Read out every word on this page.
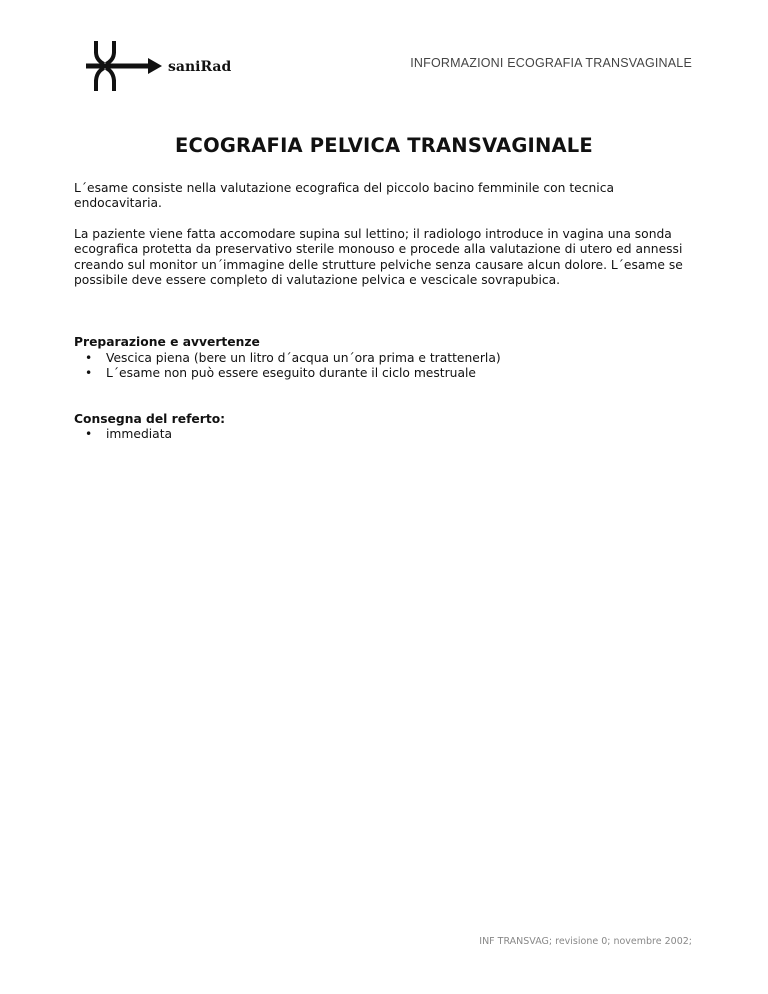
saniRad	INFORMAZIONI ECOGRAFIA TRANSVAGINALE
ECOGRAFIA PELVICA TRANSVAGINALE

L´esame consiste nella valutazione ecografica del piccolo bacino femminile con tecnica endocavitaria.

La paziente viene fatta accomodare supina sul lettino; il radiologo introduce in vagina una sonda ecografica protetta da preservativo sterile monouso e procede alla valutazione di utero ed annessi creando sul monitor un´immagine delle strutture pelviche senza causare alcun dolore. L´esame se possibile deve essere completo di valutazione pelvica e vescicale sovrapubica.

Preparazione e avvertenze
• Vescica piena (bere un litro d´acqua un´ora prima e trattenerla)
• L´esame non può essere eseguito durante il ciclo mestruale
Consegna del referto:
• immediata
INF TRANSVAG; revisione 0; novembre 2002;
